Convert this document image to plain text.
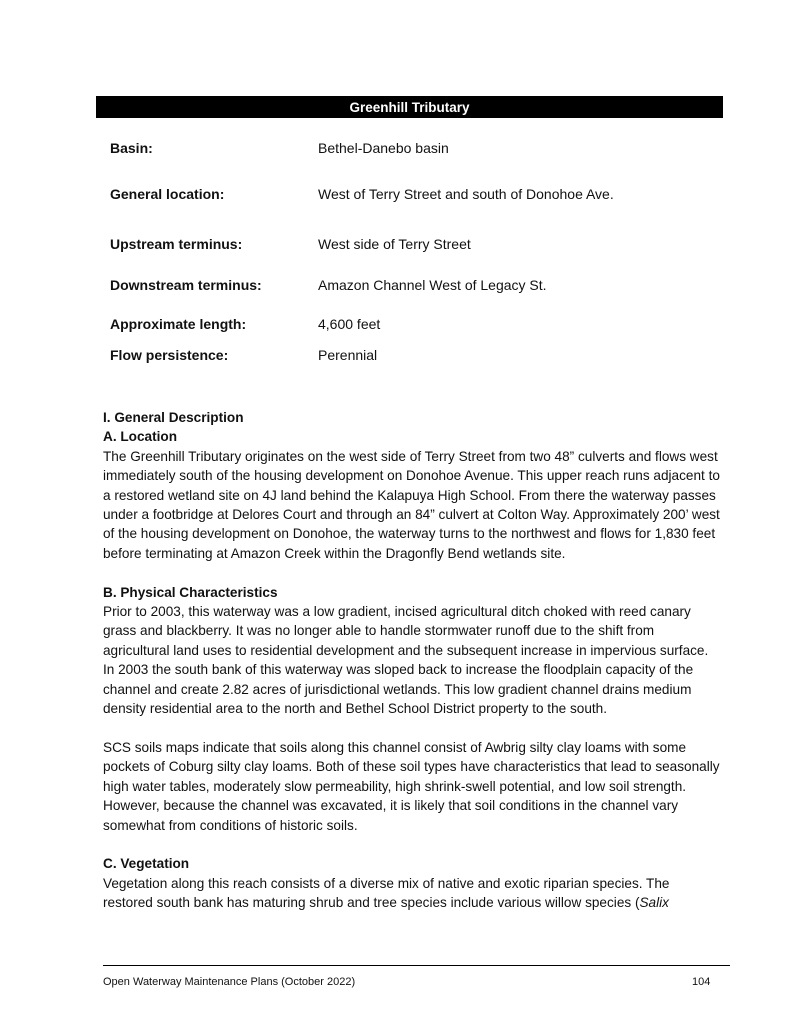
Greenhill Tributary
Basin:	Bethel-Danebo basin
General location:	West of Terry Street and south of Donohoe Ave.
Upstream terminus:	West side of Terry Street
Downstream terminus:	Amazon Channel West of Legacy St.
Approximate length:	4,600 feet
Flow persistence:	Perennial
I. General Description
A. Location

The Greenhill Tributary originates on the west side of Terry Street from two 48” culverts and flows west immediately south of the housing development on Donohoe Avenue. This upper reach runs adjacent to a restored wetland site on 4J land behind the Kalapuya High School. From there the waterway passes under a footbridge at Delores Court and through an 84” culvert at Colton Way. Approximately 200’ west of the housing development on Donohoe, the waterway turns to the northwest and flows for 1,830 feet before terminating at Amazon Creek within the Dragonfly Bend wetlands site.

B. Physical Characteristics

Prior to 2003, this waterway was a low gradient, incised agricultural ditch choked with reed canary grass and blackberry. It was no longer able to handle stormwater runoff due to the shift from agricultural land uses to residential development and the subsequent increase in impervious surface. In 2003 the south bank of this waterway was sloped back to increase the floodplain capacity of the channel and create 2.82 acres of jurisdictional wetlands. This low gradient channel drains medium density residential area to the north and Bethel School District property to the south.

SCS soils maps indicate that soils along this channel consist of Awbrig silty clay loams with some pockets of Coburg silty clay loams. Both of these soil types have characteristics that lead to seasonally high water tables, moderately slow permeability, high shrink-swell potential, and low soil strength. However, because the channel was excavated, it is likely that soil conditions in the channel vary somewhat from conditions of historic soils.

C. Vegetation

Vegetation along this reach consists of a diverse mix of native and exotic riparian species. The restored south bank has maturing shrub and tree species include various willow species (Salix

Open Waterway Maintenance Plans (October 2022)	104
